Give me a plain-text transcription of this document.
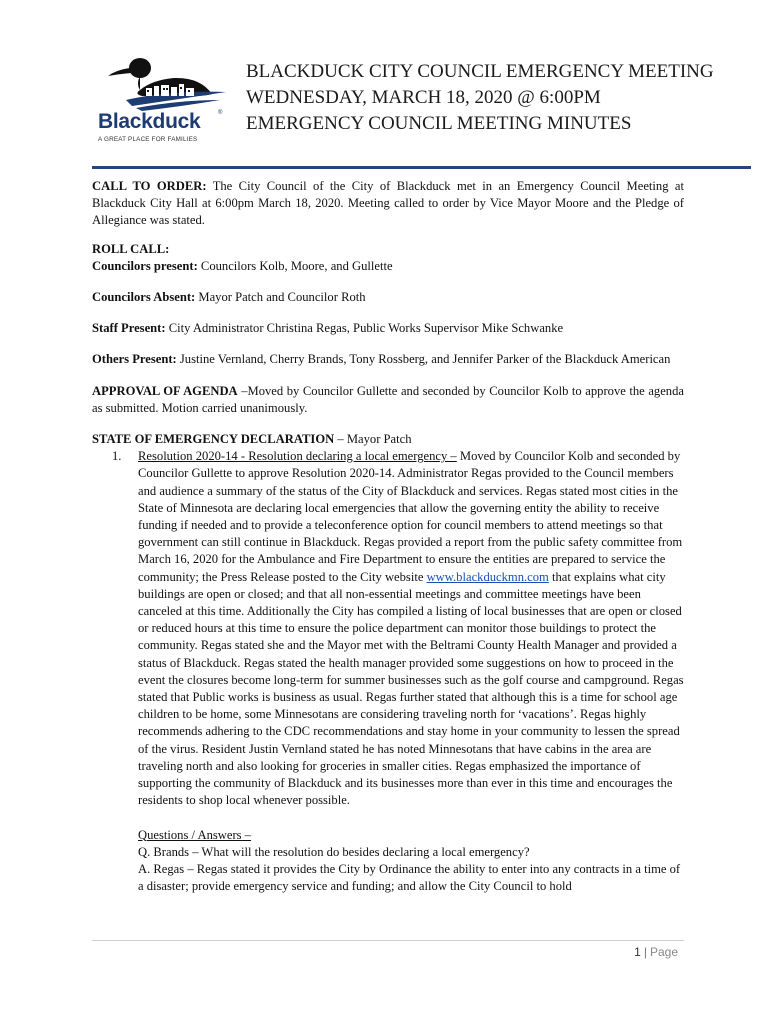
Blackduck	®
A GREAT PLACE FOR FAMILIES
BLACKDUCK CITY COUNCIL EMERGENCY MEETING
WEDNESDAY, MARCH 18, 2020 @ 6:00PM
EMERGENCY COUNCIL MEETING MINUTES

CALL TO ORDER: The City Council of the City of Blackduck met in an Emergency Council Meeting at Blackduck City Hall at 6:00pm March 18, 2020. Meeting called to order by Vice Mayor Moore and the Pledge of Allegiance was stated.

ROLL CALL:

Councilors present: Councilors Kolb, Moore, and Gullette

Councilors Absent: Mayor Patch and Councilor Roth

Staff Present: City Administrator Christina Regas, Public Works Supervisor Mike Schwanke

Others Present: Justine Vernland, Cherry Brands, Tony Rossberg, and Jennifer Parker of the Blackduck American

APPROVAL OF AGENDA –Moved by Councilor Gullette and seconded by Councilor Kolb to approve the agenda as submitted. Motion carried unanimously.

STATE OF EMERGENCY DECLARATION – Mayor Patch

1.	Resolution 2020-14 - Resolution declaring a local emergency – Moved by Councilor Kolb and seconded by Councilor Gullette to approve Resolution 2020-14. Administrator Regas provided to the Council members and audience a summary of the status of the City of Blackduck and services. Regas stated most cities in the State of Minnesota are declaring local emergencies that allow the governing entity the ability to receive funding if needed and to provide a teleconference option for council members to attend meetings so that government can still continue in Blackduck. Regas provided a report from the public safety committee from March 16, 2020 for the Ambulance and Fire Department to ensure the entities are prepared to service the community; the Press Release posted to the City website www.blackduckmn.com that explains what city buildings are open or closed; and that all non-essential meetings and committee meetings have been canceled at this time. Additionally the City has compiled a listing of local businesses that are open or closed or reduced hours at this time to ensure the police department can monitor those buildings to protect the community. Regas stated she and the Mayor met with the Beltrami County Health Manager and provided a status of Blackduck. Regas stated the health manager provided some suggestions on how to proceed in the event the closures become long-term for summer businesses such as the golf course and campground. Regas stated that Public works is business as usual. Regas further stated that although this is a time for school age children to be home, some Minnesotans are considering traveling north for ‘vacations’. Regas highly recommends adhering to the CDC recommendations and stay home in your community to lessen the spread of the virus. Resident Justin Vernland stated he has noted Minnesotans that have cabins in the area are traveling north and also looking for groceries in smaller cities. Regas emphasized the importance of supporting the community of Blackduck and its businesses more than ever in this time and encourages the residents to shop local whenever possible.

Questions / Answers –

Q. Brands – What will the resolution do besides declaring a local emergency?

A. Regas – Regas stated it provides the City by Ordinance the ability to enter into any contracts in a time of a disaster; provide emergency service and funding; and allow the City Council to hold

1 | Page
